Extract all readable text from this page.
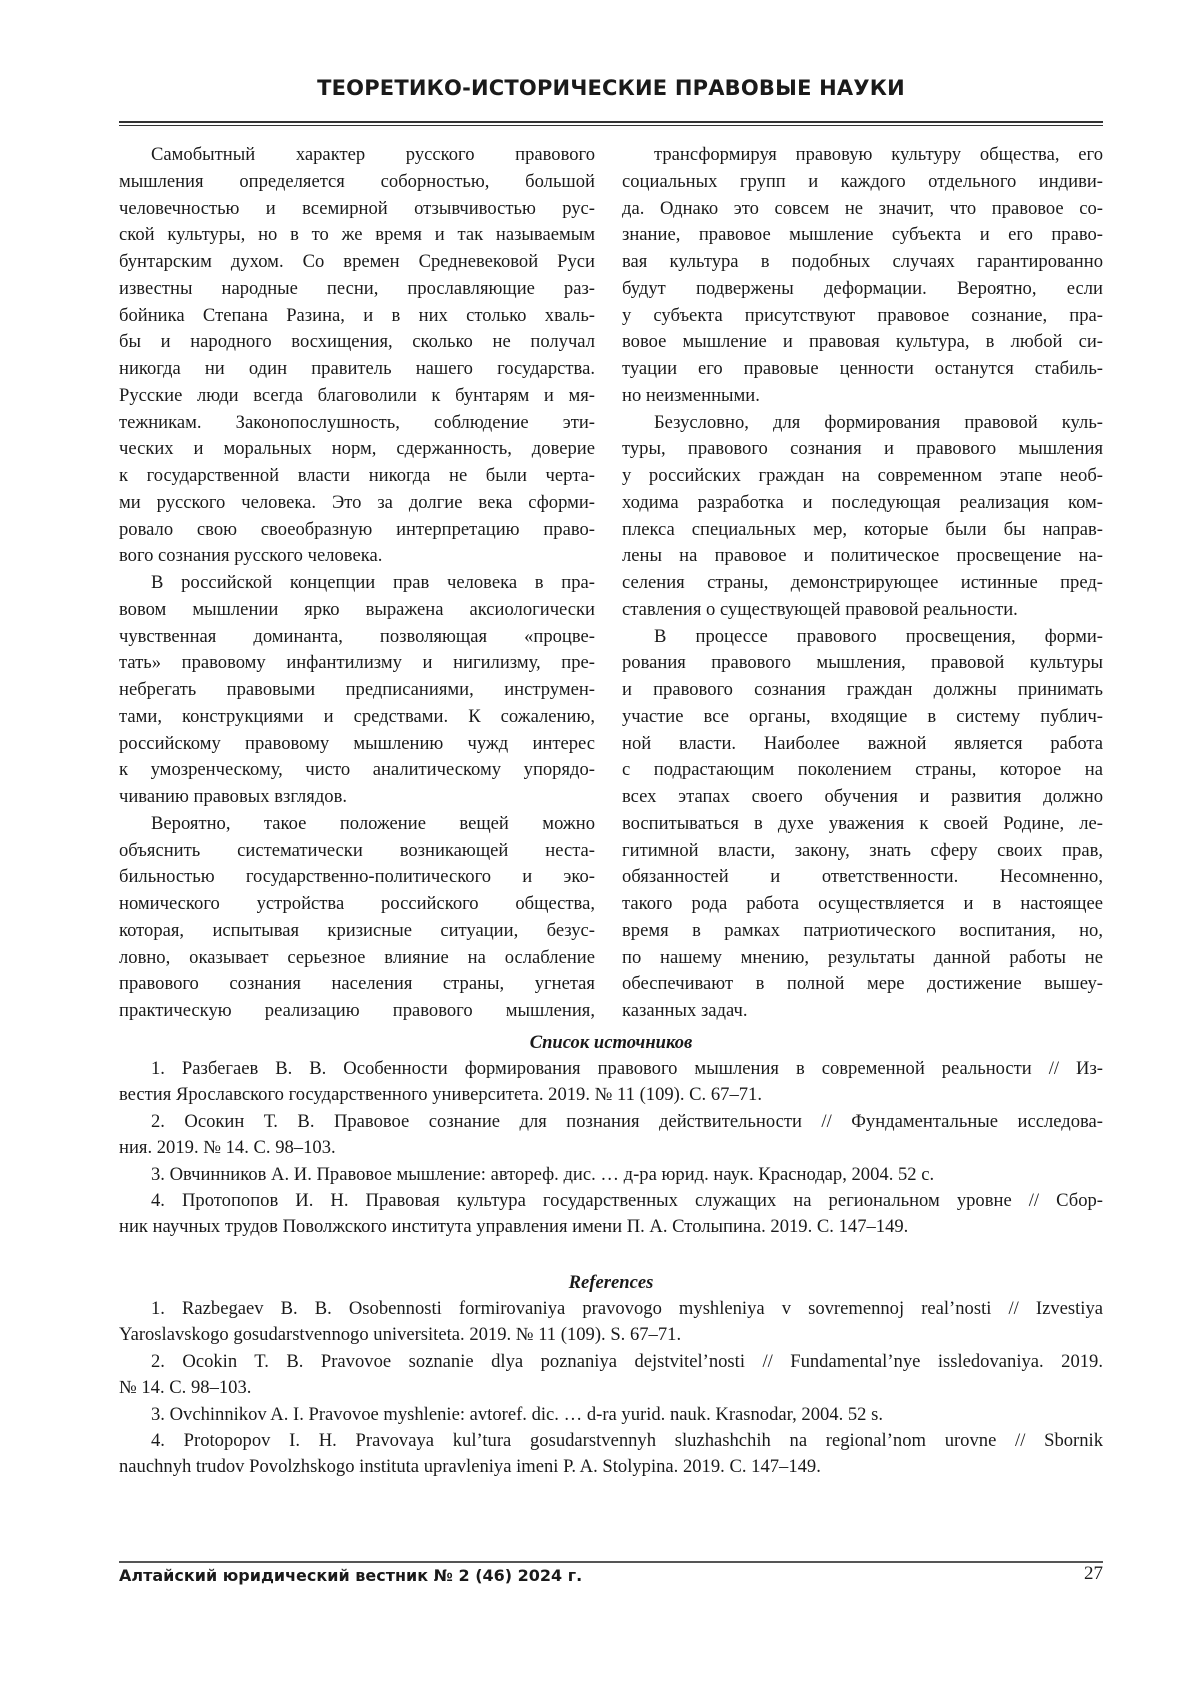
ТЕОРЕТИКО-ИСТОРИЧЕСКИЕ ПРАВОВЫЕ НАУКИ
Самобытный характер русского правового
мышления определяется соборностью, большой
человечностью и всемирной отзывчивостью рус-
ской культуры, но в то же время и так называемым
бунтарским духом. Со времен Средневековой Руси
известны народные песни, прославляющие раз-
бойника Степана Разина, и в них столько хваль-
бы и народного восхищения, сколько не получал
никогда ни один правитель нашего государства.
Русские люди всегда благоволили к бунтарям и мя-
тежникам. Законопослушность, соблюдение эти-
ческих и моральных норм, сдержанность, доверие
к государственной власти никогда не были черта-
ми русского человека. Это за долгие века сформи-
ровало свою своеобразную интерпретацию право-
вого сознания русского человека.
В российской концепции прав человека в пра-
вовом мышлении ярко выражена аксиологически
чувственная доминанта, позволяющая «процве-
тать» правовому инфантилизму и нигилизму, пре-
небрегать правовыми предписаниями, инструмен-
тами, конструкциями и средствами. К сожалению,
российскому правовому мышлению чужд интерес
к умозренческому, чисто аналитическому упорядо-
чиванию правовых взглядов.
Вероятно, такое положение вещей можно
объяснить систематически возникающей неста-
бильностью государственно-политического и эко-
номического устройства российского общества,
которая, испытывая кризисные ситуации, безус-
ловно, оказывает серьезное влияние на ослабление
правового сознания населения страны, угнетая
практическую реализацию правового мышления,
трансформируя правовую культуру общества, его
социальных групп и каждого отдельного индиви-
да. Однако это совсем не значит, что правовое со-
знание, правовое мышление субъекта и его право-
вая культура в подобных случаях гарантированно
будут подвержены деформации. Вероятно, если
у субъекта присутствуют правовое сознание, пра-
вовое мышление и правовая культура, в любой си-
туации его правовые ценности останутся стабиль-
но неизменными.
Безусловно, для формирования правовой куль-
туры, правового сознания и правового мышления
у российских граждан на современном этапе необ-
ходима разработка и последующая реализация ком-
плекса специальных мер, которые были бы направ-
лены на правовое и политическое просвещение на-
селения страны, демонстрирующее истинные пред-
ставления о существующей правовой реальности.
В процессе правового просвещения, форми-
рования правового мышления, правовой культуры
и правового сознания граждан должны принимать
участие все органы, входящие в систему публич-
ной власти. Наиболее важной является работа
с подрастающим поколением страны, которое на
всех этапах своего обучения и развития должно
воспитываться в духе уважения к своей Родине, ле-
гитимной власти, закону, знать сферу своих прав,
обязанностей и ответственности. Несомненно,
такого рода работа осуществляется и в настоящее
время в рамках патриотического воспитания, но,
по нашему мнению, результаты данной работы не
обеспечивают в полной мере достижение вышеу-
казанных задач.
Список источников
1. Разбегаев В. В. Особенности формирования правового мышления в современной реальности // Из-
вестия Ярославского государственного университета. 2019. № 11 (109). С. 67–71.
2. Осокин Т. В. Правовое сознание для познания действительности // Фундаментальные исследова-
ния. 2019. № 14. С. 98–103.
3. Овчинников А. И. Правовое мышление: автореф. дис. … д-ра юрид. наук. Краснодар, 2004. 52 с.
4. Протопопов И. Н. Правовая культура государственных служащих на региональном уровне // Сбор-
ник научных трудов Поволжского института управления имени П. А. Столыпина. 2019. С. 147–149.
References
1. Razbegaev B. B. Osobennosti formirovaniya pravovogo myshleniya v sovremennoj real’nosti // Izvestiya
Yaroslavskogo gosudarstvennogo universiteta. 2019. № 11 (109). S. 67–71.
2. Ocokin T. B. Pravovoe soznanie dlya poznaniya dejstvitel’nosti // Fundamental’nye issledovaniya. 2019.
№ 14. C. 98–103.
3. Ovchinnikov A. I. Pravovoe myshlenie: avtoref. dic. … d-ra yurid. nauk. Krasnodar, 2004. 52 s.
4. Protopopov I. H. Pravovaya kul’tura gosudarstvennyh sluzhashchih na regional’nom urovne // Sbornik
nauchnyh trudov Povolzhskogo instituta upravleniya imeni P. A. Stolypina. 2019. C. 147–149.
Алтайский юридический вестник № 2 (46) 2024 г.	27
